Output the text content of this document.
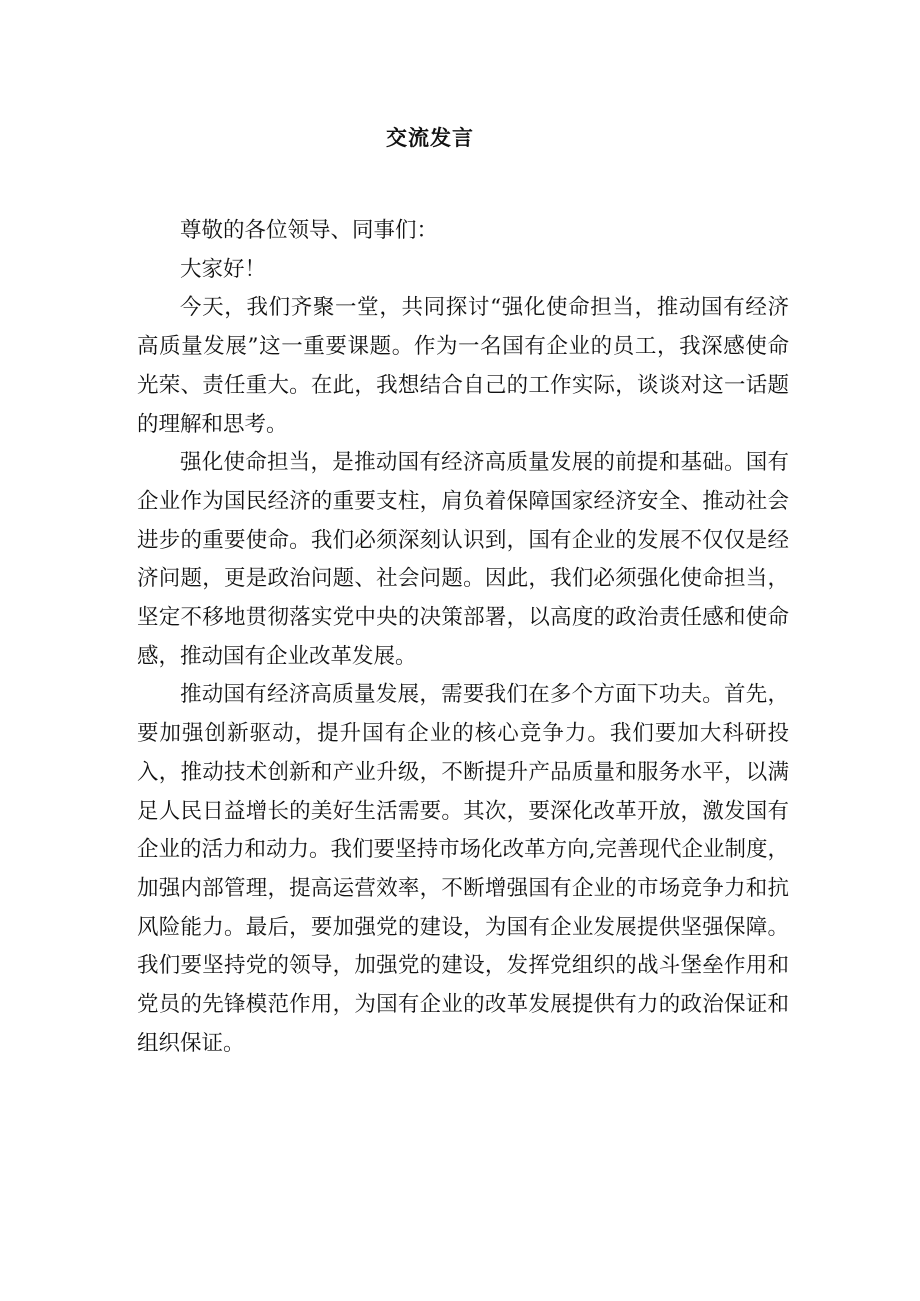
交流发言

尊敬的各位领导、同事们：

大家好！

今天，我们齐聚一堂，共同探讨“强化使命担当，推动国有经济高质量发展”这一重要课题。作为一名国有企业的员工，我深感使命光荣、责任重大。在此，我想结合自己的工作实际，谈谈对这一话题的理解和思考。

强化使命担当，是推动国有经济高质量发展的前提和基础。国有企业作为国民经济的重要支柱，肩负着保障国家经济安全、推动社会进步的重要使命。我们必须深刻认识到，国有企业的发展不仅仅是经济问题，更是政治问题、社会问题。因此，我们必须强化使命担当，坚定不移地贯彻落实党中央的决策部署，以高度的政治责任感和使命感，推动国有企业改革发展。

推动国有经济高质量发展，需要我们在多个方面下功夫。首先，要加强创新驱动，提升国有企业的核心竞争力。我们要加大科研投入，推动技术创新和产业升级，不断提升产品质量和服务水平，以满足人民日益增长的美好生活需要。其次，要深化改革开放，激发国有企业的活力和动力。我们要坚持市场化改革方向,完善现代企业制度，加强内部管理，提高运营效率，不断增强国有企业的市场竞争力和抗风险能力。最后，要加强党的建设，为国有企业发展提供坚强保障。我们要坚持党的领导，加强党的建设，发挥党组织的战斗堡垒作用和党员的先锋模范作用，为国有企业的改革发展提供有力的政治保证和组织保证。
